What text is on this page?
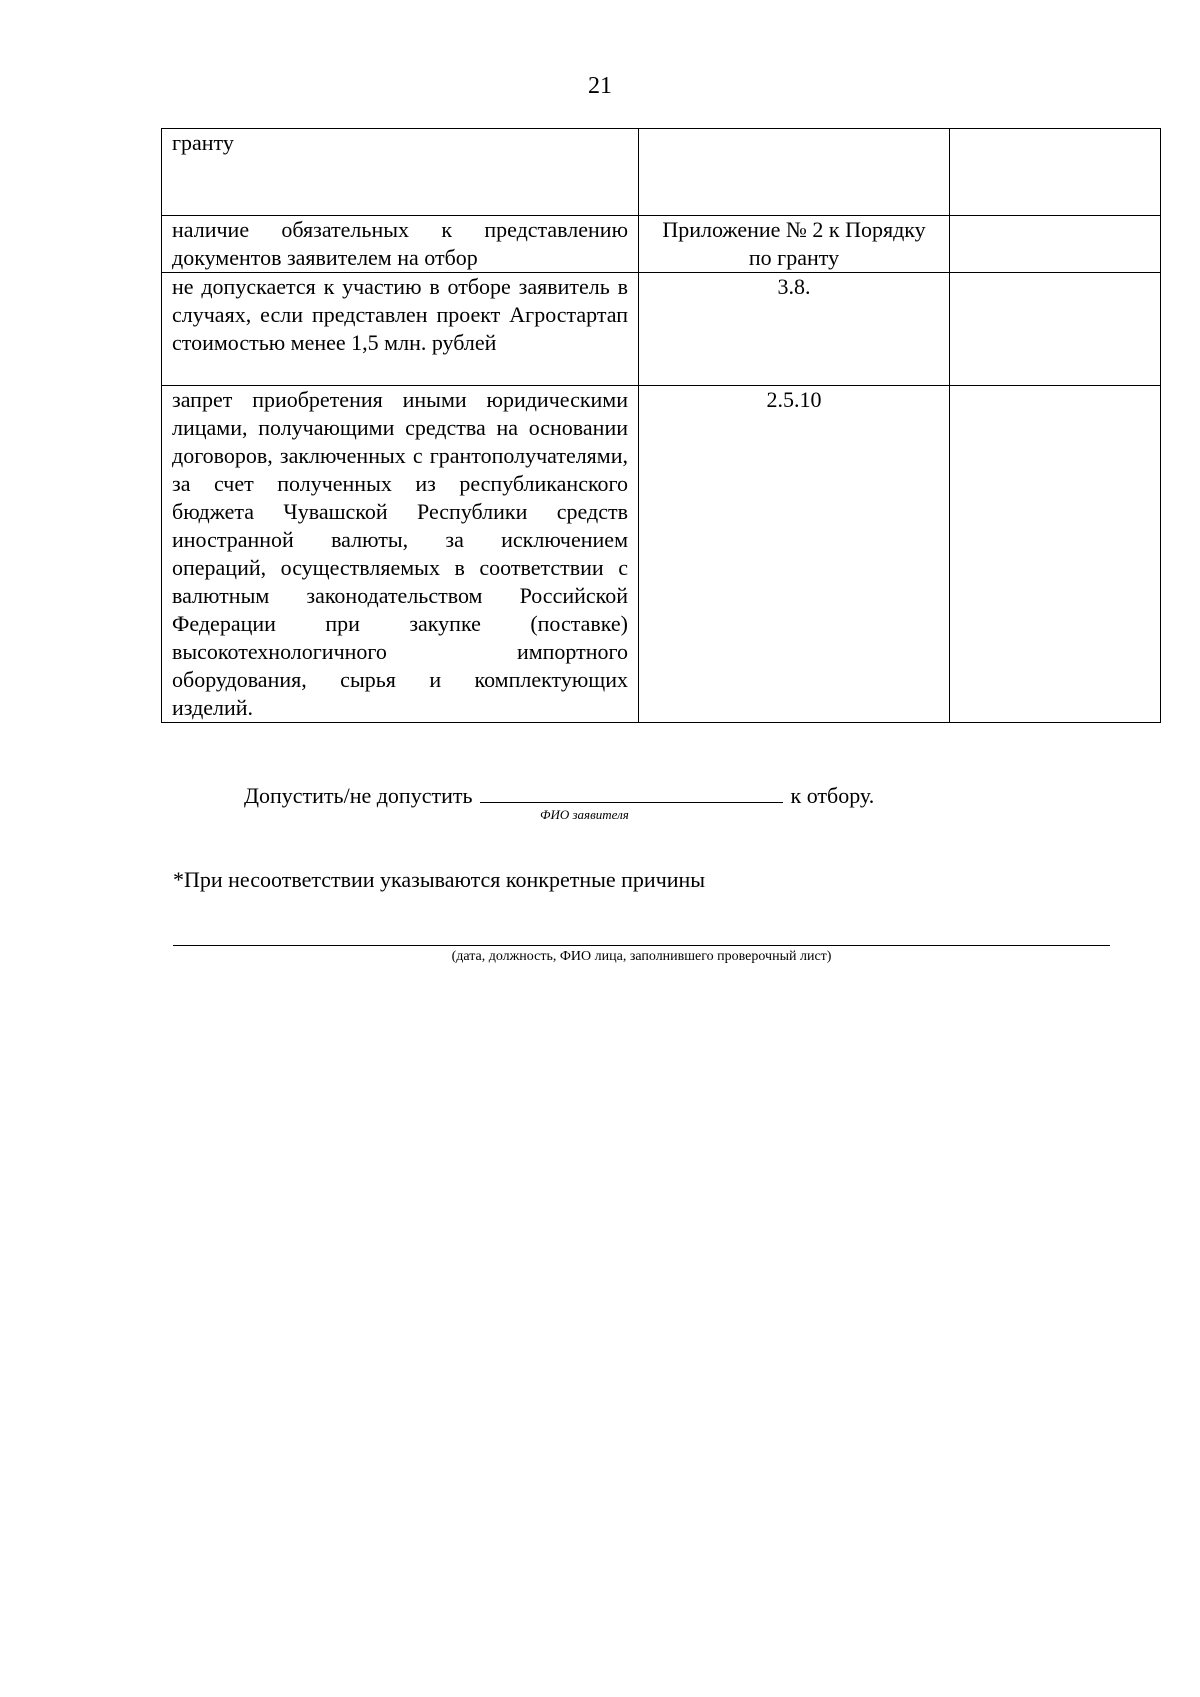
21
гранту		
наличие обязательных к представлению документов заявителем на отбор	Приложение № 2 к Порядку по гранту	
не допускается к участию в отборе заявитель в случаях, если представлен проект Агростартап стоимостью менее 1,5 млн. рублей	3.8.	
запрет приобретения иными юридическими лицами, получающими средства на основании договоров, заключенных с грантополучателями, за счет полученных из республиканского бюджета Чувашской Республики средств иностранной валюты, за исключением операций, осуществляемых в соответствии с валютным законодательством Российской Федерации при закупке (поставке) высокотехнологичного импортного оборудования, сырья и комплектующих изделий.	2.5.10	
Допустить/не допустить	к отбору.
ФИО заявителя
*При несоответствии указываются конкретные причины
(дата, должность, ФИО лица, заполнившего проверочный лист)
